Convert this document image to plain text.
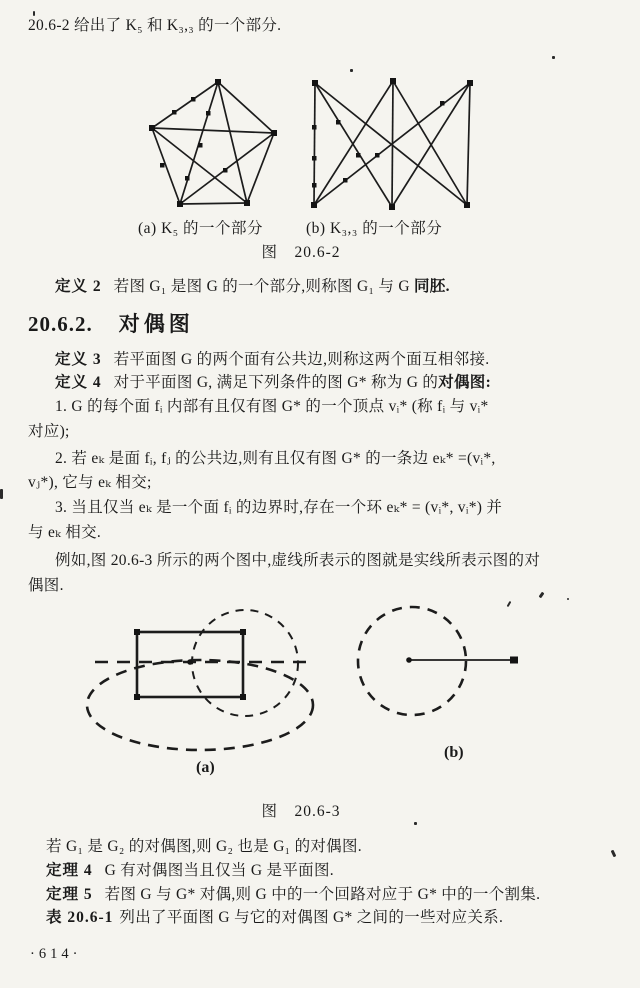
20.6-2 给出了 K₅ 和 K₃,₃ 的一个部分.
(a) K₅ 的一个部分	(b) K₃,₃ 的一个部分
图　20.6-2
定义 2 若图 G₁ 是图 G 的一个部分,则称图 G₁ 与 G 同胚.
20.6.2. 对偶图
定义 3 若平面图 G 的两个面有公共边,则称这两个面互相邻接.
定义 4 对于平面图 G, 满足下列条件的图 G* 称为 G 的对偶图:
1. G 的每个面 fᵢ 内部有且仅有图 G* 的一个顶点 vᵢ* (称 fᵢ 与 vᵢ*
对应);
2. 若 eₖ 是面 fᵢ, fⱼ 的公共边,则有且仅有图 G* 的一条边 eₖ* =(vᵢ*,
vⱼ*), 它与 eₖ 相交;
3. 当且仅当 eₖ 是一个面 fᵢ 的边界时,存在一个环 eₖ* = (vᵢ*, vᵢ*) 并
与 eₖ 相交.
例如,图 20.6-3 所示的两个图中,虚线所表示的图就是实线所表示图的对
偶图.
(a)
(b)
图　20.6-3
若 G₁ 是 G₂ 的对偶图,则 G₂ 也是 G₁ 的对偶图.
定理 4 G 有对偶图当且仅当 G 是平面图.
定理 5 若图 G 与 G* 对偶,则 G 中的一个回路对应于 G* 中的一个割集.
表 20.6-1 列出了平面图 G 与它的对偶图 G* 之间的一些对应关系.
·614·
